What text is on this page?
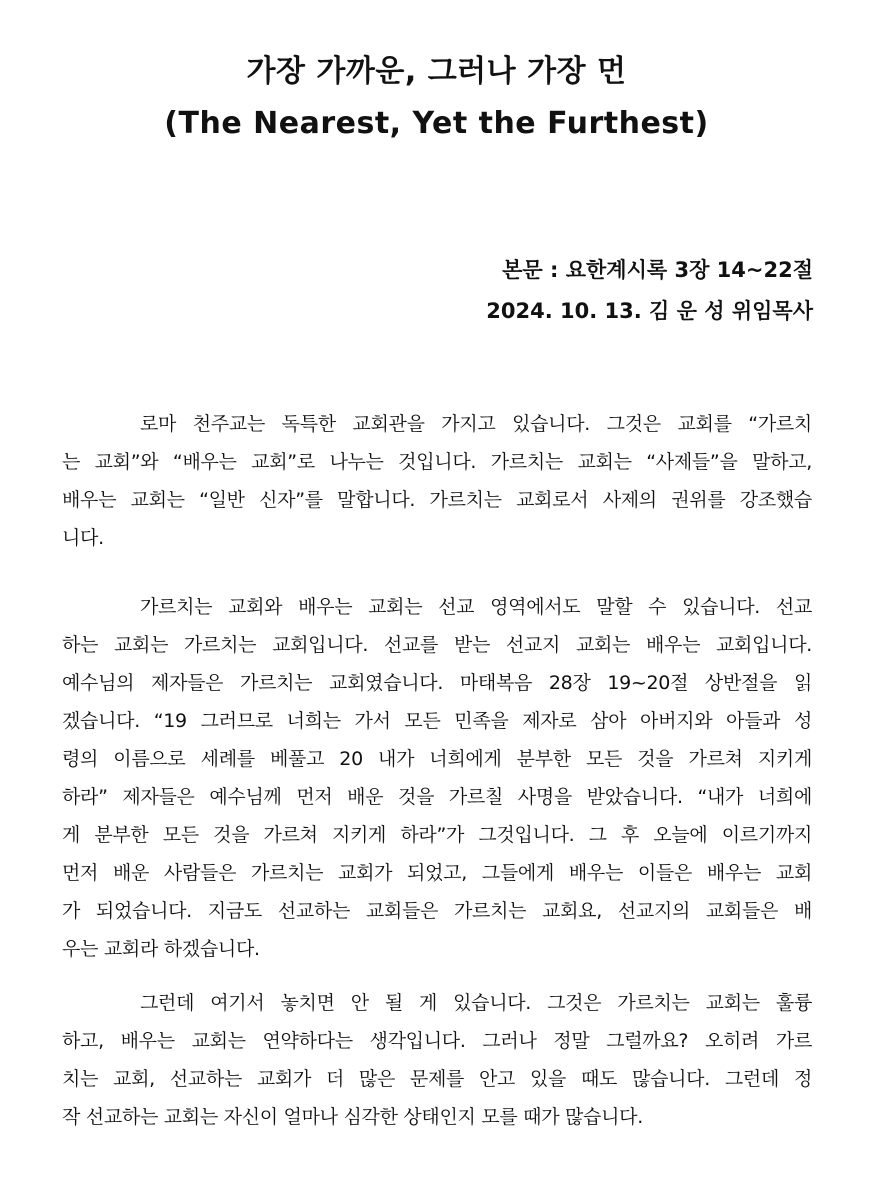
가장 가까운, 그러나 가장 먼
(The Nearest, Yet the Furthest)

본문 : 요한계시록 3장 14~22절

2024. 10. 13. 김 운 성 위임목사

로마 천주교는 독특한 교회관을 가지고 있습니다. 그것은 교회를 “가르치
는 교회”와 “배우는 교회”로 나누는 것입니다. 가르치는 교회는 “사제들”을 말하고,
배우는 교회는 “일반 신자”를 말합니다. 가르치는 교회로서 사제의 권위를 강조했습
니다.
가르치는 교회와 배우는 교회는 선교 영역에서도 말할 수 있습니다. 선교
하는 교회는 가르치는 교회입니다. 선교를 받는 선교지 교회는 배우는 교회입니다.
예수님의 제자들은 가르치는 교회였습니다. 마태복음 28장 19~20절 상반절을 읽
겠습니다. “19 그러므로 너희는 가서 모든 민족을 제자로 삼아 아버지와 아들과 성
령의 이름으로 세례를 베풀고 20 내가 너희에게 분부한 모든 것을 가르쳐 지키게
하라” 제자들은 예수님께 먼저 배운 것을 가르칠 사명을 받았습니다. “내가 너희에
게 분부한 모든 것을 가르쳐 지키게 하라”가 그것입니다. 그 후 오늘에 이르기까지
먼저 배운 사람들은 가르치는 교회가 되었고, 그들에게 배우는 이들은 배우는 교회
가 되었습니다. 지금도 선교하는 교회들은 가르치는 교회요, 선교지의 교회들은 배
우는 교회라 하겠습니다.
그런데 여기서 놓치면 안 될 게 있습니다. 그것은 가르치는 교회는 훌륭
하고, 배우는 교회는 연약하다는 생각입니다. 그러나 정말 그럴까요? 오히려 가르
치는 교회, 선교하는 교회가 더 많은 문제를 안고 있을 때도 많습니다. 그런데 정
작 선교하는 교회는 자신이 얼마나 심각한 상태인지 모를 때가 많습니다.
